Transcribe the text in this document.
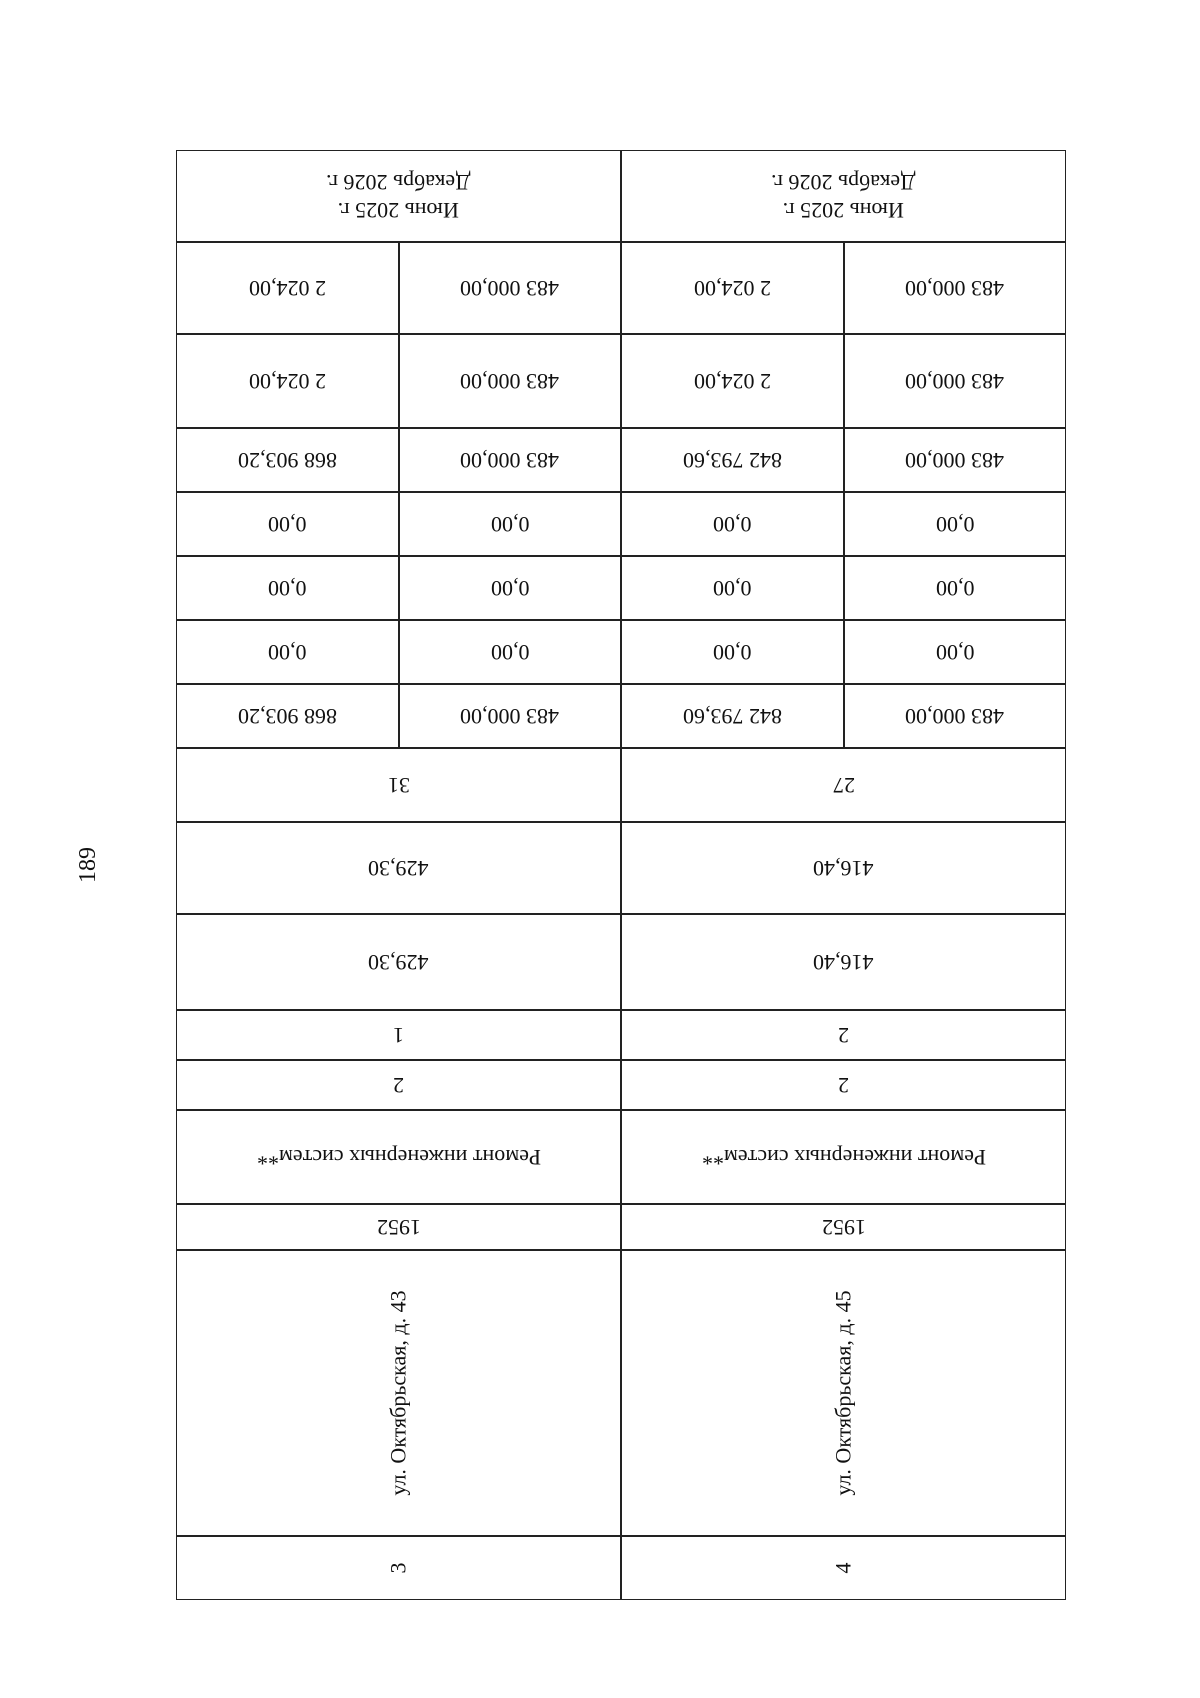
189
Июнь 2025 г.
Декабрь 2026 г.
2 024,00	483 000,00
2 024,00	483 000,00
868 903,20	483 000,00
0,00	0,00
0,00	0,00
0,00	0,00
868 903,20	483 000,00
31
429,30
429,30
1
2
Ремонт инженерных систем**
1952
ул. Октябрьская, д. 43
3
Июнь 2025 г.
Декабрь 2026 г.
2 024,00	483 000,00
2 024,00	483 000,00
842 793,60	483 000,00
0,00	0,00
0,00	0,00
0,00	0,00
842 793,60	483 000,00
27
416,40
416,40
2
2
Ремонт инженерных систем**
1952
ул. Октябрьская, д. 45
4
